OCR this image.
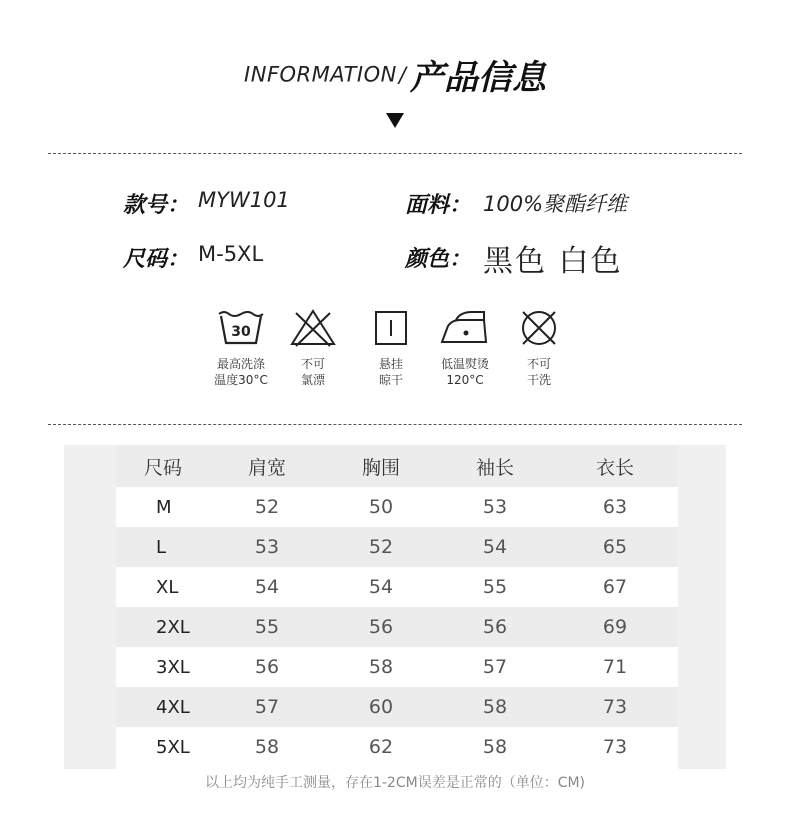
INFORMATION/ 产品信息
款号： MYW101	面料： 100%聚酯纤维
尺码： M-5XL	颜色： 黑色 白色
30
最高洗涤
温度30°C
不可
氯漂
悬挂
晾干
低温熨烫
120°C
不可
干洗
尺码	肩宽	胸围	袖长	衣长
M	52	50	53	63
L	53	52	54	65
XL	54	54	55	67
2XL	55	56	56	69
3XL	56	58	57	71
4XL	57	60	58	73
5XL	58	62	58	73
以上均为纯手工测量，存在1-2CM误差是正常的（单位：CM)
